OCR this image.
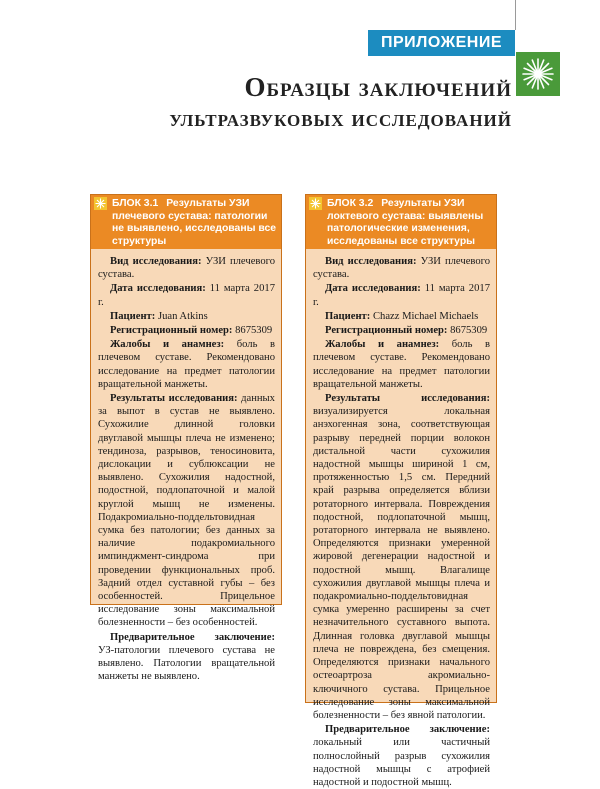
ПРИЛОЖЕНИЕ
Образцы заключений
ультразвуковых исследований
БЛОК 3.1 Результаты УЗИ
плечевого сустава: патологии
не выявлено, исследованы все
структуры

Вид исследования: УЗИ плечевого сустава.

Дата исследования: 11 марта 2017 г.

Пациент: Juan Atkins

Регистрационный номер: 8675309

Жалобы и анамнез: боль в плечевом суставе. Рекомендовано исследование на предмет патологии вращательной манжеты.

Результаты исследования: данных за выпот в сустав не выявлено. Сухожилие длинной головки двуглавой мышцы плеча не изменено; тендиноза, разрывов, теносиновита, дислокации и сублюксации не выявлено. Сухожилия надостной, подостной, подлопаточной и малой круглой мышц не изменены. Подакромиально-поддельтовидная сумка без патологии; без данных за наличие подакромиального импинджмент-синдрома при проведении функциональных проб. Задний отдел суставной губы – без особенностей. Прицельное исследование зоны максимальной болезненности – без особенностей.

Предварительное заключение: УЗ-патологии плечевого сустава не выявлено. Патологии вращательной манжеты не выявлено.

БЛОК 3.2 Результаты УЗИ
локтевого сустава: выявлены
патологические изменения,
исследованы все структуры

Вид исследования: УЗИ плечевого сустава.

Дата исследования: 11 марта 2017 г.

Пациент: Chazz Michael Michaels

Регистрационный номер: 8675309

Жалобы и анамнез: боль в плечевом суставе. Рекомендовано исследование на предмет патологии вращательной манжеты.

Результаты исследования: визуализируется локальная анэхогенная зона, соответствующая разрыву передней порции волокон дистальной части сухожилия надостной мышцы шириной 1 см, протяженностью 1,5 см. Передний край разрыва определяется вблизи ротаторного интервала. Повреждения подостной, подлопаточной мышц, ротаторного интервала не выявлено. Определяются признаки умеренной жировой дегенерации надостной и подостной мышц. Влагалище сухожилия двуглавой мышцы плеча и подакромиально-поддельтовидная сумка умеренно расширены за счет незначительного суставного выпота. Длинная головка двуглавой мышцы плеча не повреждена, без смещения. Определяются признаки начального остеоартроза акромиально-ключичного сустава. Прицельное исследование зоны максимальной болезненности – без явной патологии.

Предварительное заключение: локальный или частичный полнослойный разрыв сухожилия надостной мышцы с атрофией надостной и подостной мышц.
